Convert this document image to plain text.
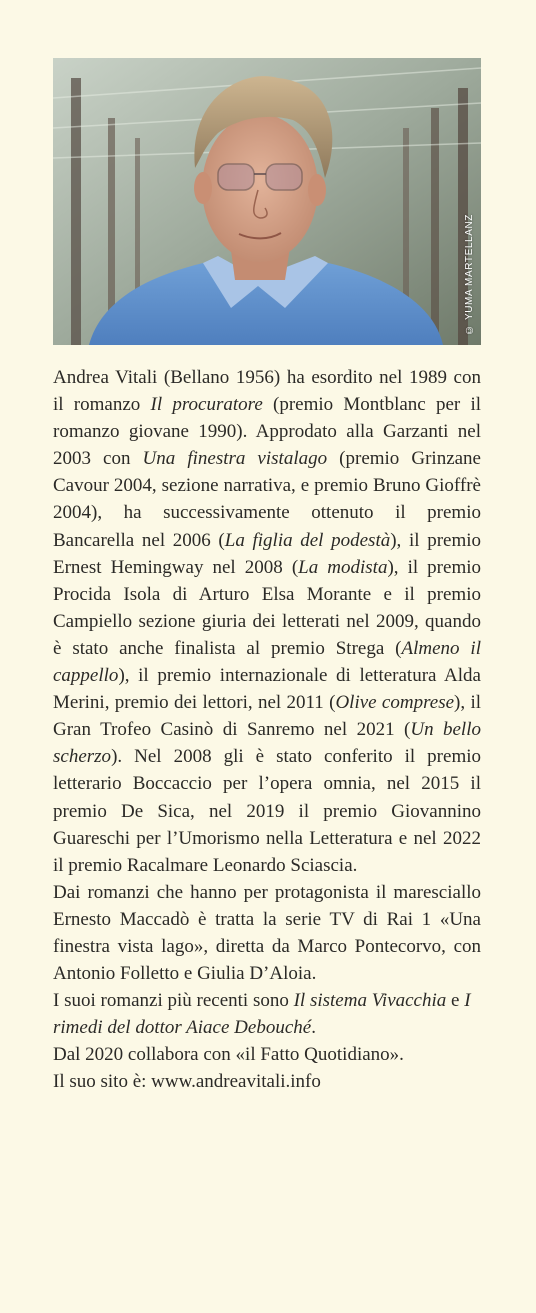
© YUMA MARTELLANZ

Andrea Vitali (Bellano 1956) ha esordito nel 1989 con il romanzo Il procuratore (premio Montblanc per il romanzo giovane 1990). Approdato alla Garzanti nel 2003 con Una finestra vistalago (premio Grinzane Cavour 2004, sezione narrativa, e premio Bruno Gioffrè 2004), ha successivamente ottenuto il premio Bancarella nel 2006 (La figlia del podestà), il premio Ernest Hemingway nel 2008 (La modista), il premio Procida Isola di Arturo Elsa Morante e il premio Campiello sezione giuria dei letterati nel 2009, quando è stato anche finalista al premio Strega (Almeno il cappello), il premio internazionale di letteratura Alda Merini, premio dei lettori, nel 2011 (Olive comprese), il Gran Trofeo Casinò di Sanremo nel 2021 (Un bello scherzo). Nel 2008 gli è stato conferito il premio letterario Boccaccio per l’opera omnia, nel 2015 il premio De Sica, nel 2019 il premio Giovannino Guareschi per l’Umorismo nella Letteratura e nel 2022 il premio Racalmare Leonardo Sciascia.

Dai romanzi che hanno per protagonista il maresciallo Ernesto Maccadò è tratta la serie TV di Rai 1 «Una finestra vista lago», diretta da Marco Pontecorvo, con Antonio Folletto e Giulia D’Aloia.

I suoi romanzi più recenti sono Il sistema Vivacchia e I rimedi del dottor Aiace Debouché.

Dal 2020 collabora con «il Fatto Quotidiano».

Il suo sito è: www.andreavitali.info
